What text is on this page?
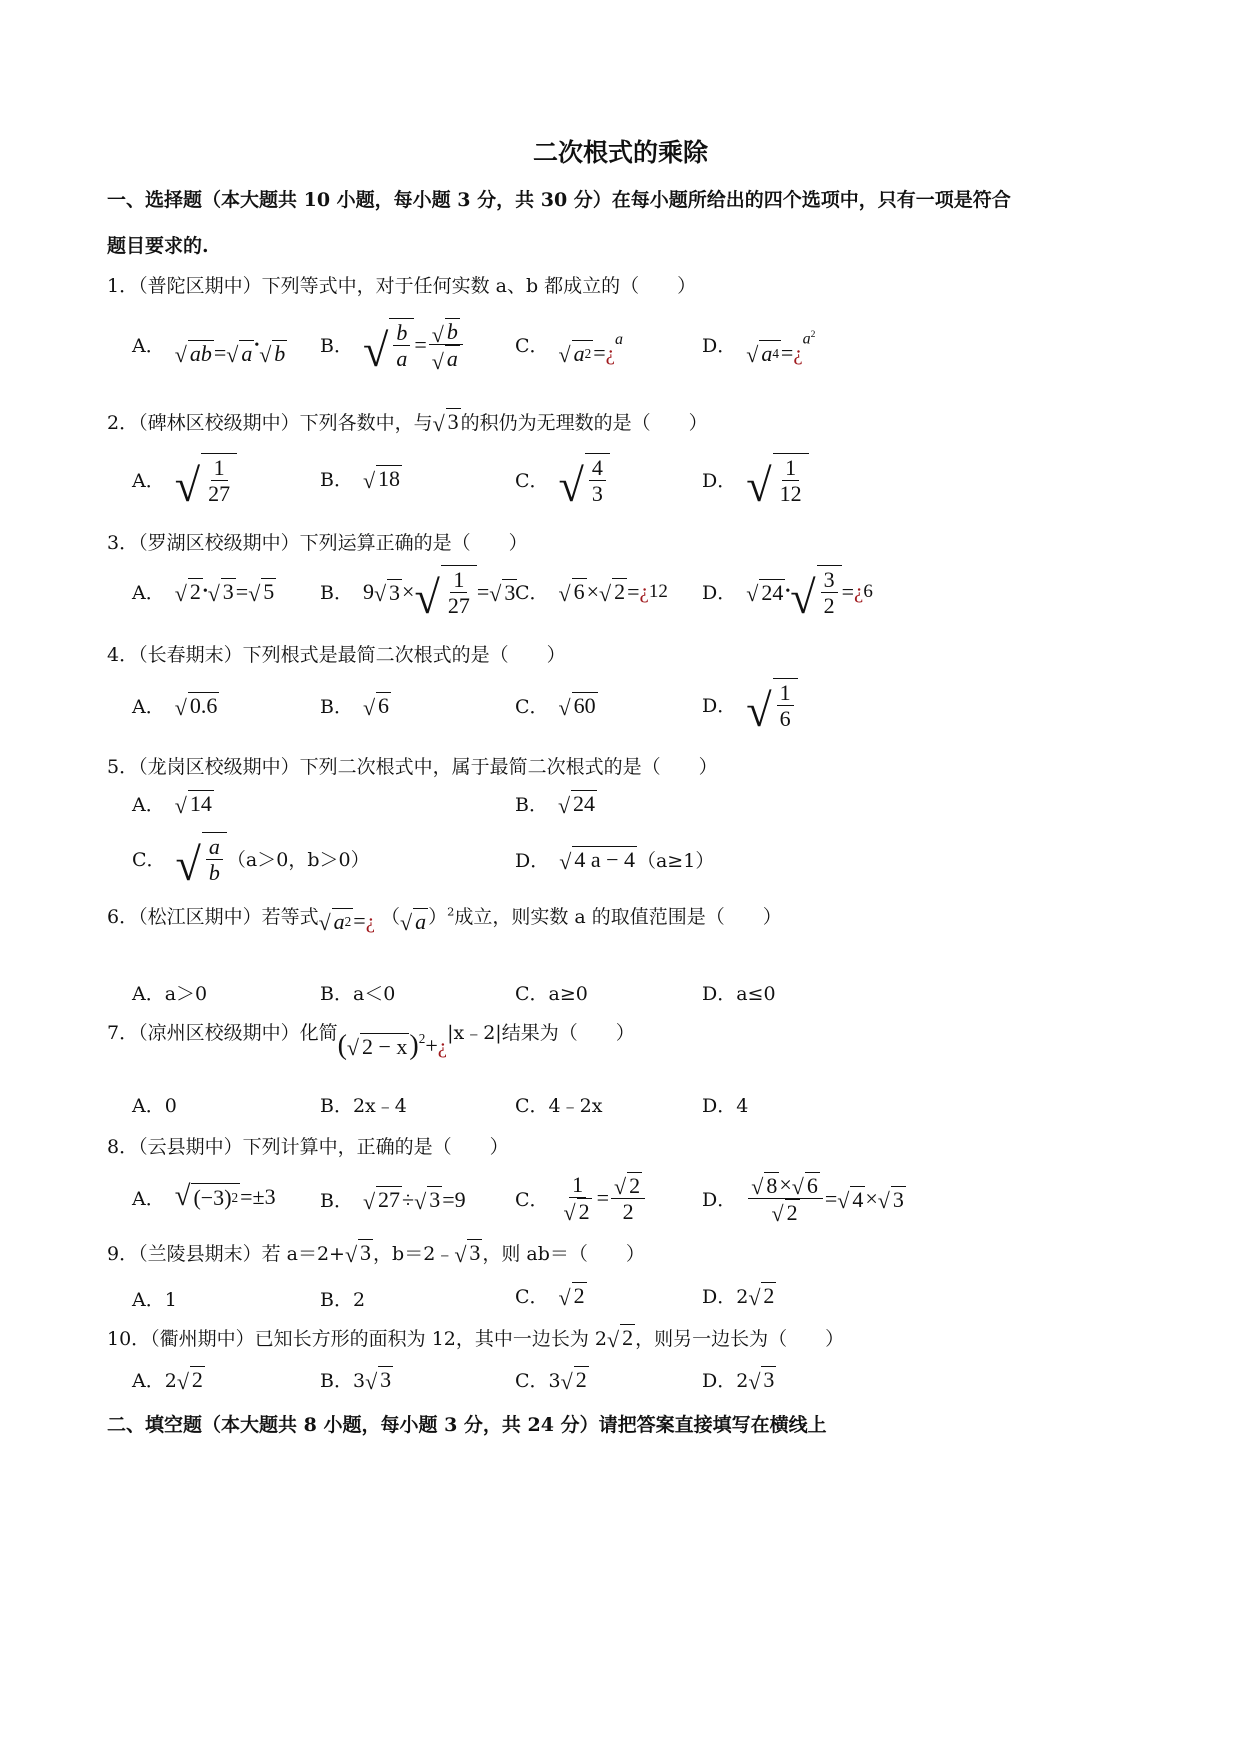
二次根式的乘除
一、选择题（本大题共 10 小题，每小题 3 分，共 30 分）在每小题所给出的四个选项中，只有一项是符合
题目要求的.
1．（普陀区期中）下列等式中，对于任何实数 a、b 都成立的（　　）
A． √ ab = √ a • √ b B． √ $\frac{b}{a} = \frac{√ b}{√ a}$	C． √ a 2 = ¿
a	D． √ a 4 = ¿
$a^2$
2．（碑林区校级期中）下列各数中，与 √ 3 的积仍为无理数的是（　　）
A． √ $\frac{1}{27}$	B． √ 18	C． √ $\frac{4}{3}$	D． √ $\frac{1}{12}$
3．（罗湖区校级期中）下列运算正确的是（　　）
A． √ 2 • √ 3 = √ 5 B． 9 √ 3 × √ $\frac{1}{27}$ = √ 3 C． √ 6 × √ 2 = ¿ 12 D． √ 24 • √ $\frac{3}{2}$ = ¿ 6
4．（长春期末）下列根式是最简二次根式的是（　　）
A． √ 0.6	B． √ 6	C． √ 60	D． √ $\frac{1}{6}$
5．（龙岗区校级期中）下列二次根式中，属于最简二次根式的是（　　）
A． √ 14	B． √ 24
C． √ $\frac{a}{b} (a>0$，b＞0）	D． √ 4 a − 4 （a≥1）
6．（松江区期中）若等式 √ a 2 = ¿ （ √ a ）$^2$ 成立，则实数 a 的取值范围是（　　）
A．a＞0	B．a＜0	C．a≥0	D．a≤0
7．（凉州区校级期中）化简 ( √ 2 − x )$^2$ + ¿
|x﹣2|结果为（　　）
A．0	B．2x﹣4	C．4﹣2x	D．4
8．（云县期中）下列计算中，正确的是（　　）
A． √ ( −3 ) 2 = ±3 B． √ 27 ÷ √ 3 = 9	C． $\frac{1}{√ 2} = \frac{√ 2}{2}$	D． $\frac{√ 8 \times √ 6}{√ 2}$ = √ 4 × √ 3
9．（兰陵县期末）若 a＝2+ √ 3 ，b＝2﹣ √ 3 ，则 ab＝（　　）
A．1	B．2	C． √ 2	D．2 √ 2
10．（衢州期中）已知长方形的面积为 12，其中一边长为 2 √ 2 ，则另一边长为（　　）
A．2 √ 2	B．3 √ 3	C．3 √ 2	D．2 √ 3
二、填空题（本大题共 8 小题，每小题 3 分，共 24 分）请把答案直接填写在横线上
